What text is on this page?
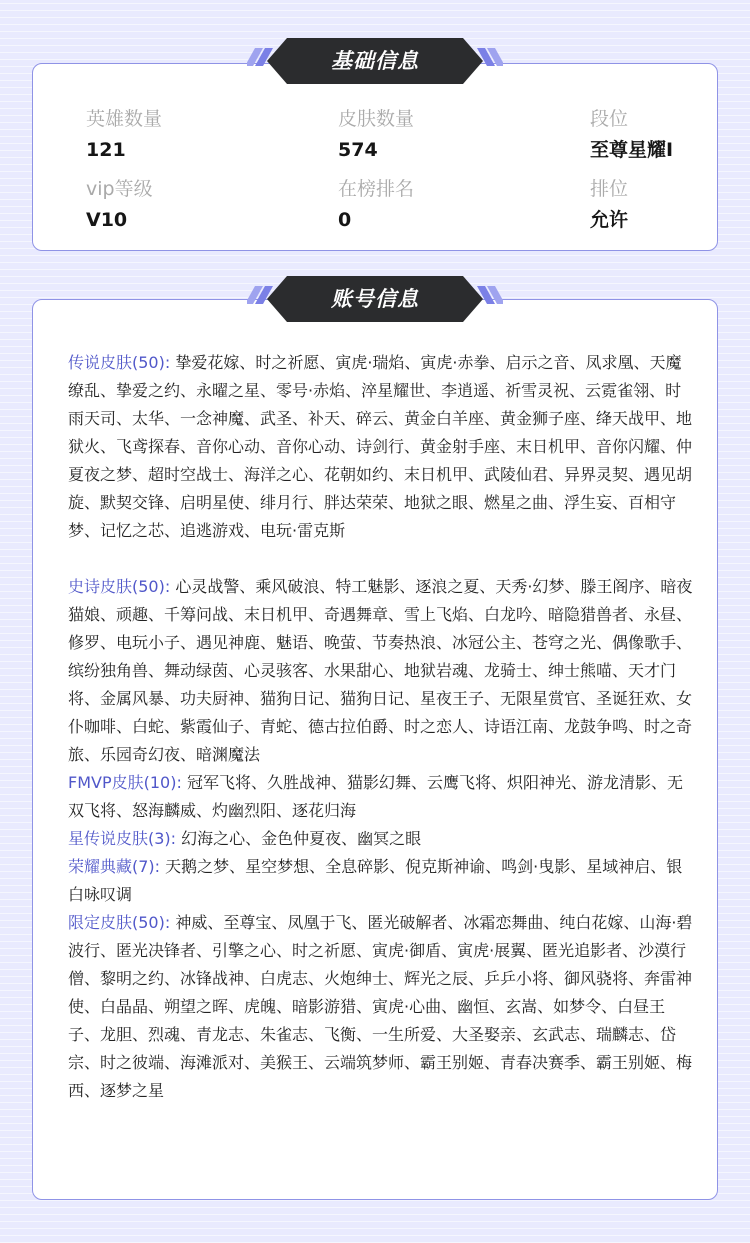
英雄数量
121
皮肤数量
574
段位
至尊星耀I
vip等级
V10
在榜排名
0
排位
允许
基础信息
账号信息
传说皮肤(50): 挚爱花嫁、时之祈愿、寅虎·瑞焰、寅虎·赤拳、启示之音、凤求凰、天魔缭乱、挚爱之约、永曜之星、零号·赤焰、淬星耀世、李逍遥、祈雪灵祝、云霓雀翎、时雨天司、太华、一念神魔、武圣、补天、碎云、黄金白羊座、黄金狮子座、绛天战甲、地狱火、飞鸢探春、音你心动、音你心动、诗剑行、黄金射手座、末日机甲、音你闪耀、仲夏夜之梦、超时空战士、海洋之心、花朝如约、末日机甲、武陵仙君、异界灵契、遇见胡旋、默契交锋、启明星使、绯月行、胖达荣荣、地狱之眼、燃星之曲、浮生妄、百相守梦、记忆之芯、追逃游戏、电玩·雷克斯
史诗皮肤(50): 心灵战警、乘风破浪、特工魅影、逐浪之夏、天秀·幻梦、滕王阁序、暗夜猫娘、顽趣、千筹问战、末日机甲、奇遇舞章、雪上飞焰、白龙吟、暗隐猎兽者、永昼、修罗、电玩小子、遇见神鹿、魅语、晚萤、节奏热浪、冰冠公主、苍穹之光、偶像歌手、缤纷独角兽、舞动绿茵、心灵骇客、水果甜心、地狱岩魂、龙骑士、绅士熊喵、天才门将、金属风暴、功夫厨神、猫狗日记、猫狗日记、星夜王子、无限星赏官、圣诞狂欢、女仆咖啡、白蛇、紫霞仙子、青蛇、德古拉伯爵、时之恋人、诗语江南、龙鼓争鸣、时之奇旅、乐园奇幻夜、暗渊魔法
FMVP皮肤(10): 冠军飞将、久胜战神、猫影幻舞、云鹰飞将、炽阳神光、游龙清影、无双飞将、怒海麟威、灼幽烈阳、逐花归海
星传说皮肤(3): 幻海之心、金色仲夏夜、幽冥之眼
荣耀典藏(7): 天鹅之梦、星空梦想、全息碎影、倪克斯神谕、鸣剑·曳影、星域神启、银白咏叹调
限定皮肤(50): 神威、至尊宝、凤凰于飞、匿光破解者、冰霜恋舞曲、纯白花嫁、山海·碧波行、匿光决锋者、引擎之心、时之祈愿、寅虎·御盾、寅虎·展翼、匿光追影者、沙漠行僧、黎明之约、冰锋战神、白虎志、火炮绅士、辉光之辰、乒乒小将、御风骁将、奔雷神使、白晶晶、朔望之晖、虎魄、暗影游猎、寅虎·心曲、幽恒、玄嵩、如梦令、白昼王子、龙胆、烈魂、青龙志、朱雀志、飞衡、一生所爱、大圣娶亲、玄武志、瑞麟志、岱宗、时之彼端、海滩派对、美猴王、云端筑梦师、霸王别姬、青春决赛季、霸王别姬、梅西、逐梦之星
